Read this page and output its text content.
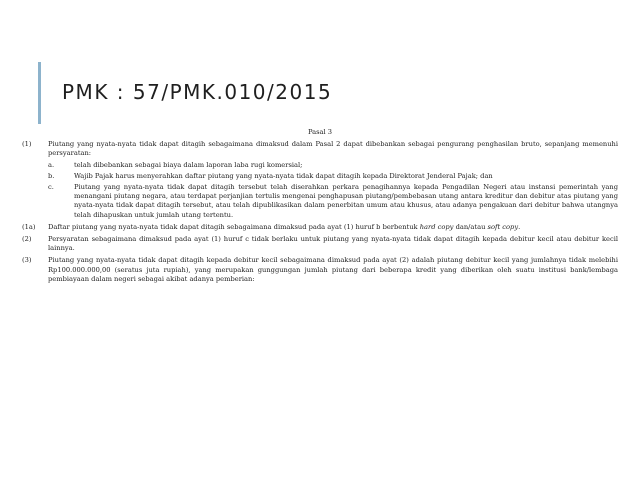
PMK : 57/PMK.010/2015
Pasal 3
(1)	Piutang yang nyata-nyata tidak dapat ditagih sebagaimana dimaksud dalam Pasal 2 dapat dibebankan sebagai pengurang penghasilan bruto, sepanjang memenuhi persyaratan:
a.	telah dibebankan sebagai biaya dalam laporan laba rugi komersial;
b.	Wajib Pajak harus menyerahkan daftar piutang yang nyata-nyata tidak dapat ditagih kepada Direktorat Jenderal Pajak; dan
c.	Piutang yang nyata-nyata tidak dapat ditagih tersebut telah diserahkan perkara penagihannya kepada Pengadilan Negeri atau instansi pemerintah yang menangani piutang negara, atau terdapat perjanjian tertulis mengenai penghapusan piutang/pembebasan utang antara kreditur dan debitur atas piutang yang nyata-nyata tidak dapat ditagih tersebut, atau telah dipublikasikan dalam penerbitan umum atau khusus, atau adanya pengakuan dari debitur bahwa utangnya telah dihapuskan untuk jumlah utang tertentu.
(1a)	Daftar piutang yang nyata-nyata tidak dapat ditagih sebagaimana dimaksud pada ayat (1) huruf b berbentuk hard copy dan/atau soft copy.
(2)	Persyaratan sebagaimana dimaksud pada ayat (1) huruf c tidak berlaku untuk piutang yang nyata-nyata tidak dapat ditagih kepada debitur kecil atau debitur kecil lainnya.
(3)	Piutang yang nyata-nyata tidak dapat ditagih kepada debitur kecil sebagaimana dimaksud pada ayat (2) adalah piutang debitur kecil yang jumlahnya tidak melebihi Rp100.000.000,00 (seratus juta rupiah), yang merupakan gunggungan jumlah piutang dari beberapa kredit yang diberikan oleh suatu institusi bank/lembaga pembiayaan dalam negeri sebagai akibat adanya pemberian:
